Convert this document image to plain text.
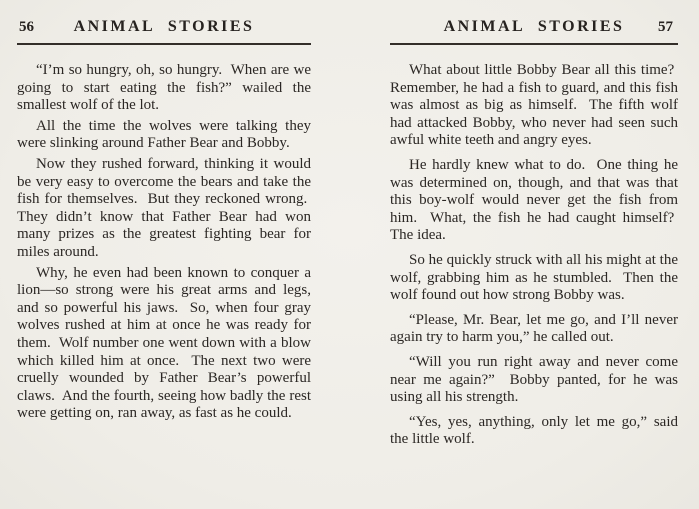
56	ANIMAL STORIES

“I’m so hungry, oh, so hungry.  When are we going to start eating the fish?” wailed the smallest wolf of the lot.

All the time the wolves were talking they were slinking around Father Bear and Bobby.

Now they rushed forward, thinking it would be very easy to overcome the bears and take the fish for themselves.  But they reckoned wrong.  They didn’t know that Father Bear had won many prizes as the greatest fighting bear for miles around.

Why, he even had been known to conquer a lion—so strong were his great arms and legs, and so powerful his jaws.  So, when four gray wolves rushed at him at once he was ready for them.  Wolf number one went down with a blow which killed him at once.  The next two were cruelly wounded by Father Bear’s powerful claws.  And the fourth, seeing how badly the rest were getting on, ran away, as fast as he could.

ANIMAL STORIES	57

What about little Bobby Bear all this time?  Remember, he had a fish to guard, and this fish was almost as big as himself.  The fifth wolf had attacked Bobby, who never had seen such awful white teeth and angry eyes.

He hardly knew what to do.  One thing he was determined on, though, and that was that this boy-wolf would never get the fish from him.  What, the fish he had caught himself?  The idea.

So he quickly struck with all his might at the wolf, grabbing him as he stumbled.  Then the wolf found out how strong Bobby was.

“Please, Mr. Bear, let me go, and I’ll never again try to harm you,” he called out.

“Will you run right away and never come near me again?”  Bobby panted, for he was using all his strength.

“Yes, yes, anything, only let me go,” said the little wolf.
